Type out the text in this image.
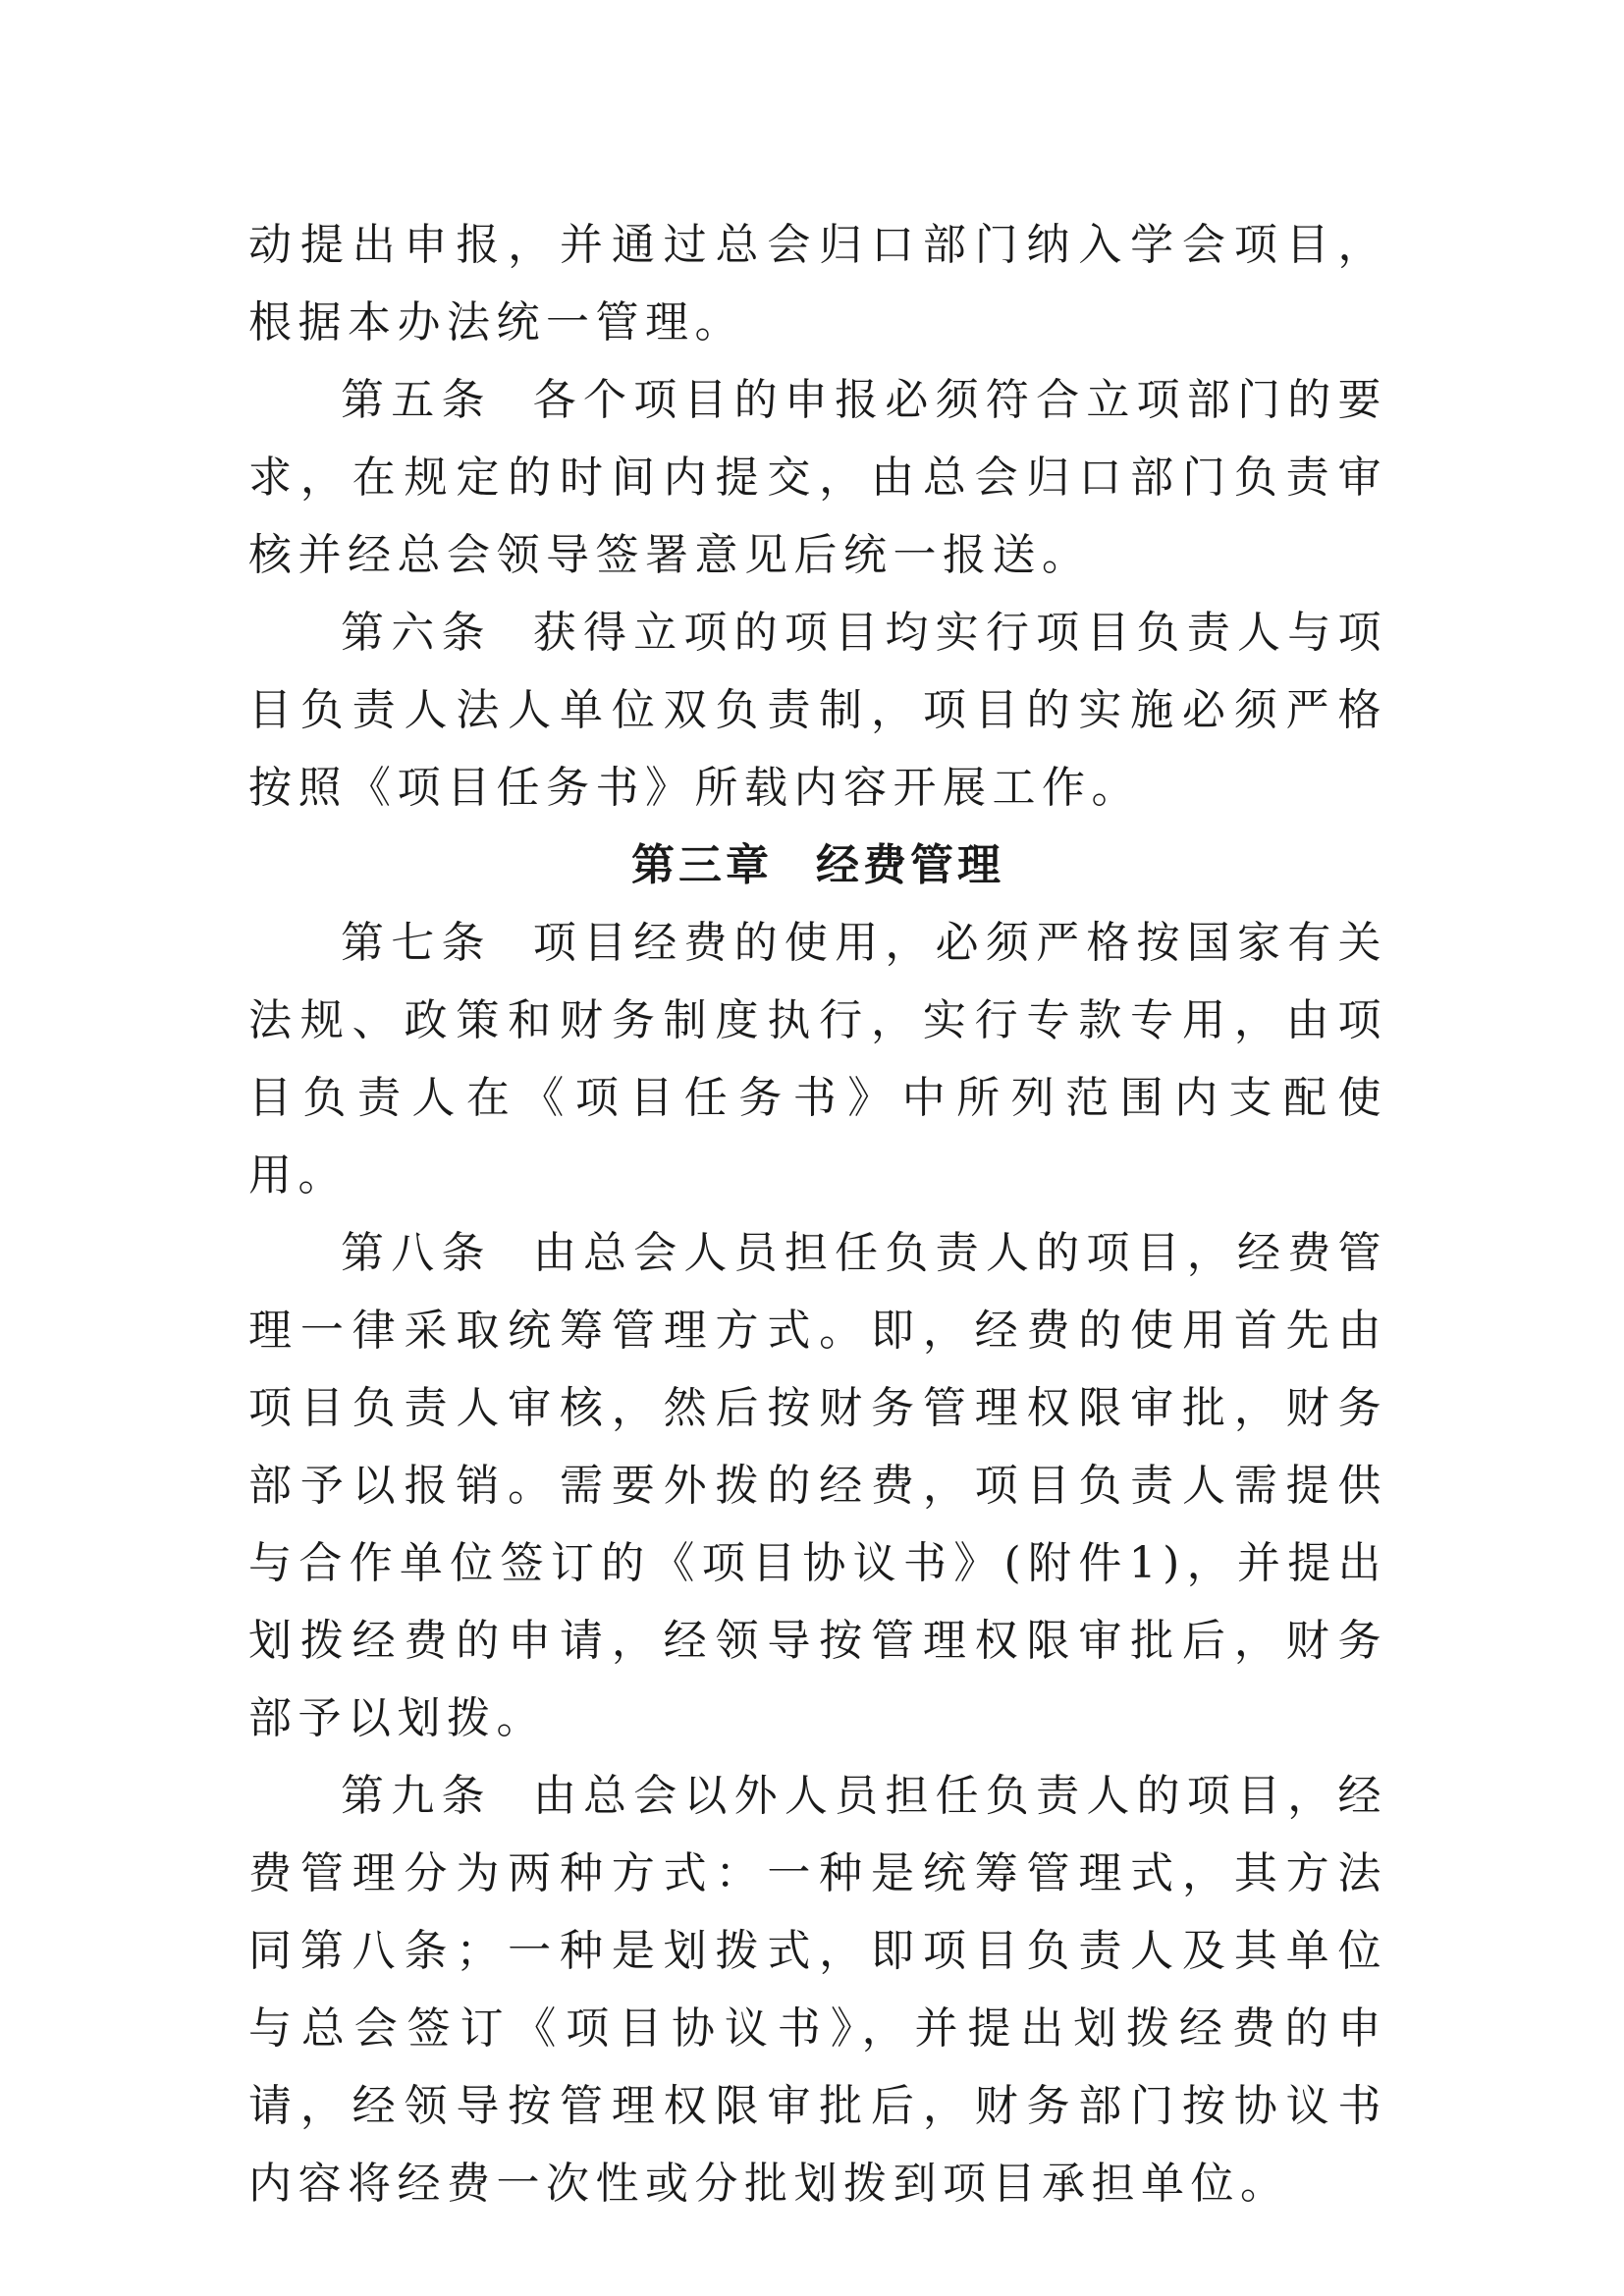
动提出申报，并通过总会归口部门纳入学会项目，根据本办法统一管理。

第五条 各个项目的申报必须符合立项部门的要求，在规定的时间内提交，由总会归口部门负责审核并经总会领导签署意见后统一报送。

第六条 获得立项的项目均实行项目负责人与项目负责人法人单位双负责制，项目的实施必须严格按照《项目任务书》所载内容开展工作。

第三章 经费管理

第七条 项目经费的使用，必须严格按国家有关法规、政策和财务制度执行，实行专款专用，由项目负责人在《项目任务书》中所列范围内支配使用。

第八条 由总会人员担任负责人的项目，经费管理一律采取统筹管理方式。即，经费的使用首先由项目负责人审核，然后按财务管理权限审批，财务部予以报销。需要外拨的经费，项目负责人需提供与合作单位签订的《项目协议书》(附件1)，并提出划拨经费的申请，经领导按管理权限审批后，财务部予以划拨。

第九条 由总会以外人员担任负责人的项目，经费管理分为两种方式：一种是统筹管理式，其方法同第八条；一种是划拨式，即项目负责人及其单位与总会签订《项目协议书》，并提出划拨经费的申请，经领导按管理权限审批后，财务部门按协议书内容将经费一次性或分批划拨到项目承担单位。
